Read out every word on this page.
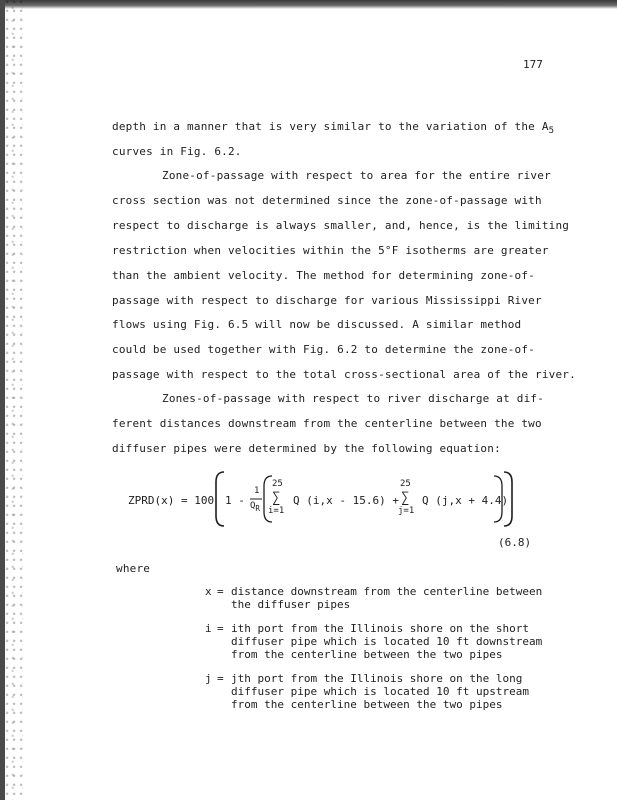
177
depth in a manner that is very similar to the variation of the $A_5$
curves in Fig. 6.2.
Zone-of-passage with respect to area for the entire river
cross section was not determined since the zone-of-passage with
respect to discharge is always smaller, and, hence, is the limiting
restriction when velocities within the 5°F isotherms are greater
than the ambient velocity. The method for determining zone-of-
passage with respect to discharge for various Mississippi River
flows using Fig. 6.5 will now be discussed. A similar method
could be used together with Fig. 6.2 to determine the zone-of-
passage with respect to the total cross-sectional area of the river.
Zones-of-passage with respect to river discharge at dif-
ferent distances downstream from the centerline between the two
diffuser pipes were determined by the following equation:
ZPRD(x) = 100 1 -
1
$Q_R$
25
∑
i=1
Q (i,x - 15.6) +
25
∑
j=1
Q (j,x + 4.4)
(6.8)
where
x = distance downstream from the centerline between
the diffuser pipes
i = ith port from the Illinois shore on the short
diffuser pipe which is located 10 ft downstream
from the centerline between the two pipes
j = jth port from the Illinois shore on the long
diffuser pipe which is located 10 ft upstream
from the centerline between the two pipes
